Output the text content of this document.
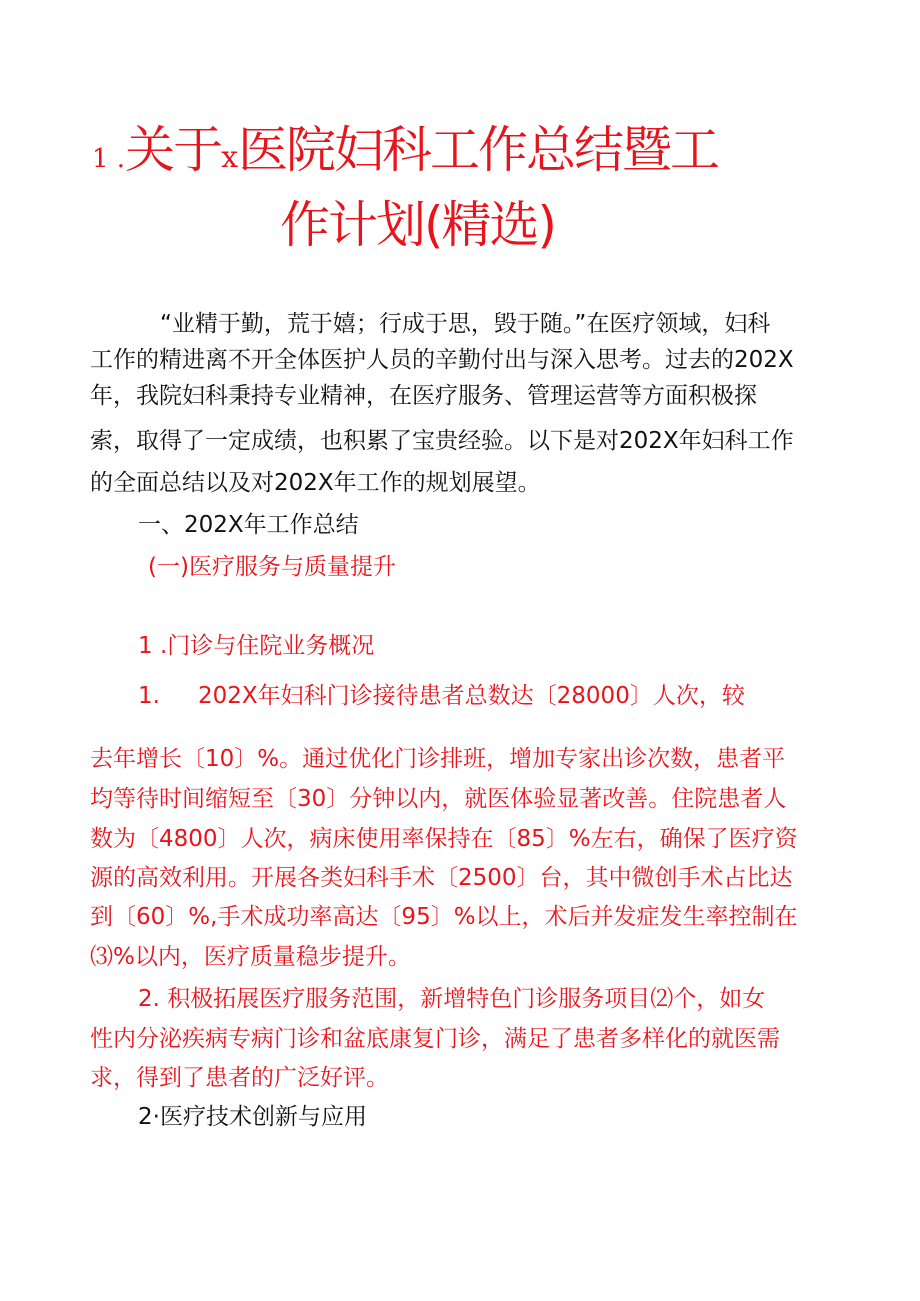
1 .关于x医院妇科工作总结暨工
作计划(精选)
“业精于勤，荒于嬉；行成于思，毁于随。”在医疗领域，妇科
工作的精进离不开全体医护人员的辛勤付出与深入思考。过去的202X
年，我院妇科秉持专业精神，在医疗服务、管理运营等方面积极探
索，取得了一定成绩，也积累了宝贵经验。以下是对202X年妇科工作
的全面总结以及对202X年工作的规划展望。
一、202X年工作总结
(一)医疗服务与质量提升
1 .门诊与住院业务概况
1. 202X年妇科门诊接待患者总数达〔28000〕人次，较
去年增长〔10〕%。通过优化门诊排班，增加专家出诊次数，患者平
均等待时间缩短至〔30〕分钟以内，就医体验显著改善。住院患者人
数为〔4800〕人次，病床使用率保持在〔85〕%左右，确保了医疗资
源的高效利用。开展各类妇科手术〔2500〕台，其中微创手术占比达
到〔60〕%,手术成功率高达〔95〕%以上，术后并发症发生率控制在
⑶%以内，医疗质量稳步提升。
2. 积极拓展医疗服务范围，新增特色门诊服务项目⑵个，如女
性内分泌疾病专病门诊和盆底康复门诊，满足了患者多样化的就医需
求，得到了患者的广泛好评。
2·医疗技术创新与应用
